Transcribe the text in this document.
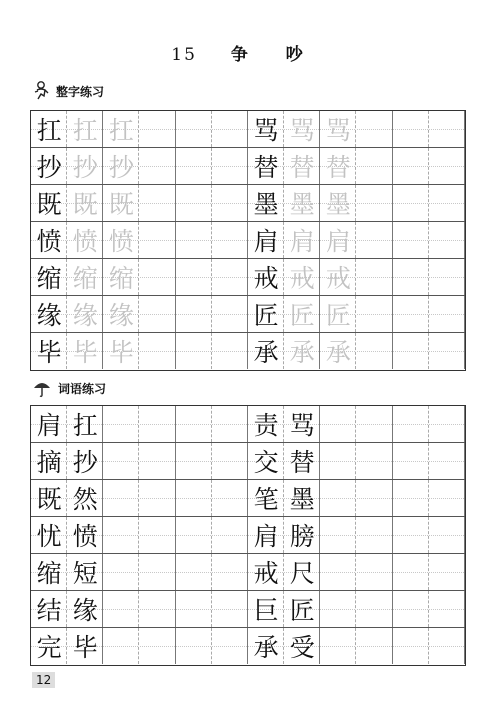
15 争 吵
整字练习
扛 扛 扛	骂 骂 骂
抄 抄 抄	替 替 替
既 既 既	墨 墨 墨
愤 愤 愤	肩 肩 肩
缩 缩 缩	戒 戒 戒
缘 缘 缘	匠 匠 匠
毕 毕 毕	承 承 承
词语练习
肩 扛	责 骂
摘 抄	交 替
既 然	笔 墨
忧 愤	肩 膀
缩 短	戒 尺
结 缘	巨 匠
完 毕	承 受
12
